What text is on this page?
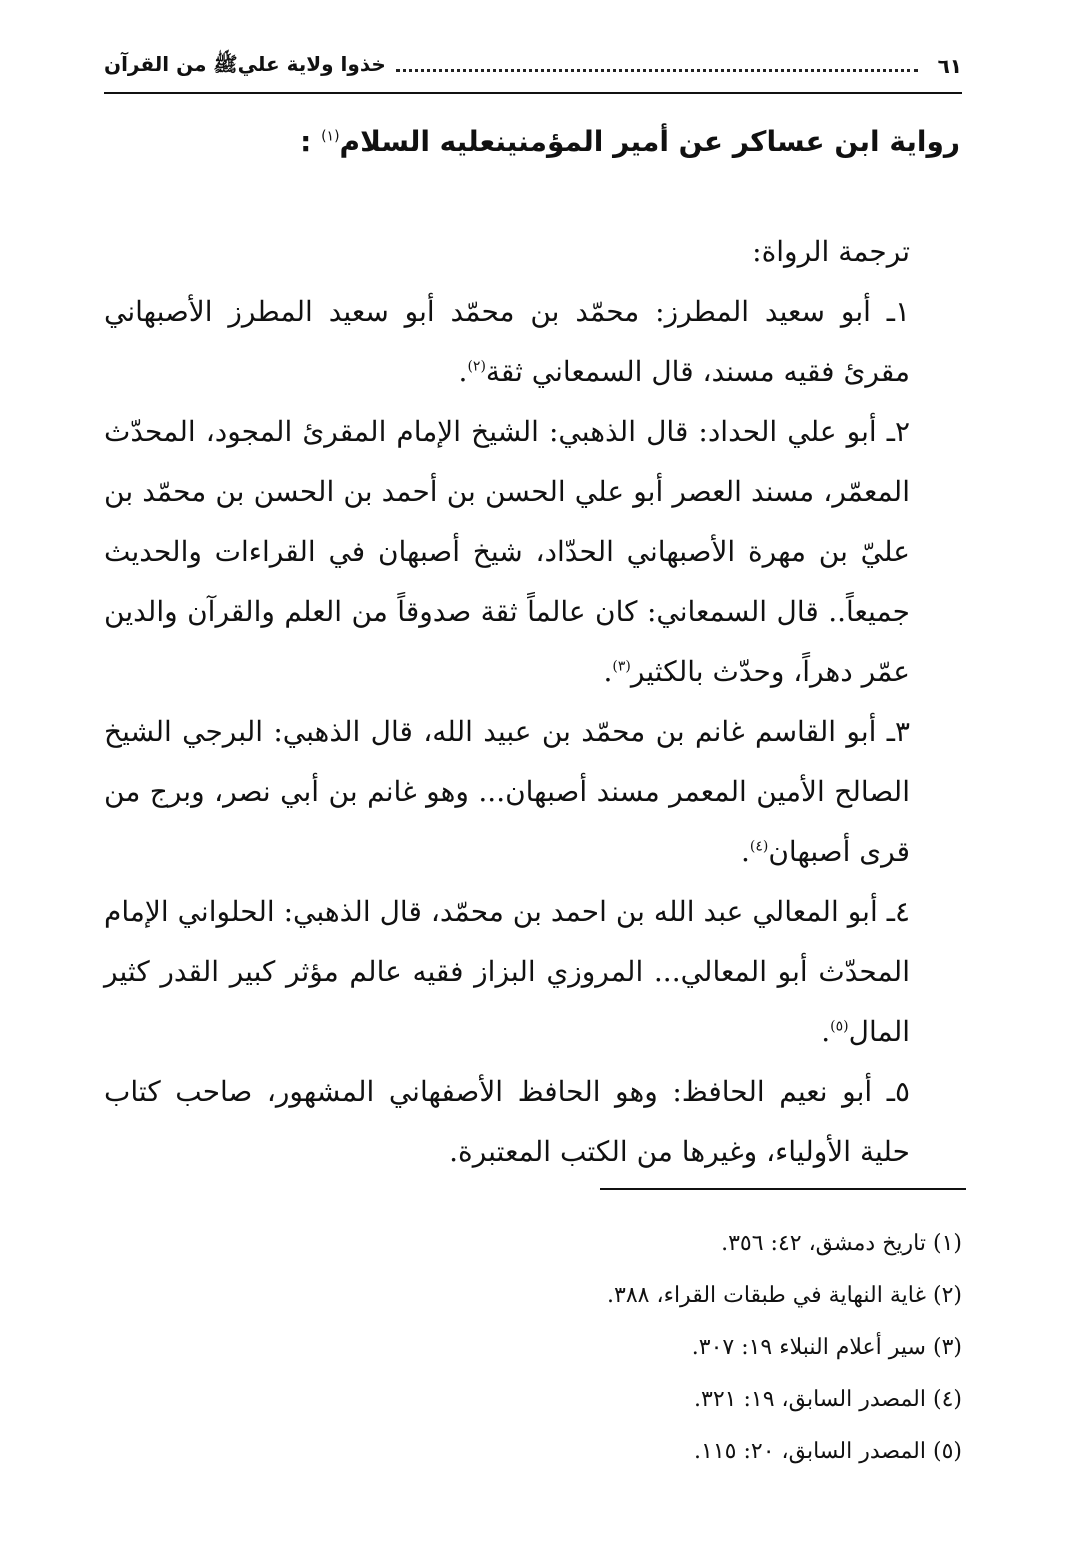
٦١
خذوا ولاية عليﷺ من القرآن
رواية ابن عساكر عن أمير المؤمنينعليه السلام$^{(١)}$ :

ترجمة الرواة:

١ـ أبو سعيد المطرز: محمّد بن محمّد أبو سعيد المطرز الأصبهاني مقرئ فقيه مسند، قال السمعاني ثقة$^{(٢)}$.

٢ـ أبو علي الحداد: قال الذهبي: الشيخ الإمام المقرئ المجود، المحدّث المعمّر، مسند العصر أبو علي الحسن بن أحمد بن الحسن بن محمّد بن عليّ بن مهرة الأصبهاني الحدّاد، شيخ أصبهان في القراءات والحديث جميعاً.. قال السمعاني: كان عالماً ثقة صدوقاً من العلم والقرآن والدين عمّر دهراً، وحدّث بالكثير$^{(٣)}$.

٣ـ أبو القاسم غانم بن محمّد بن عبيد الله، قال الذهبي: البرجي الشيخ الصالح الأمين المعمر مسند أصبهان... وهو غانم بن أبي نصر، وبرج من قرى أصبهان$^{(٤)}$.

٤ـ أبو المعالي عبد الله بن احمد بن محمّد، قال الذهبي: الحلواني الإمام المحدّث أبو المعالي... المروزي البزاز فقيه عالم مؤثر كبير القدر كثير المال$^{(٥)}$.

٥ـ أبو نعيم الحافظ: وهو الحافظ الأصفهاني المشهور، صاحب كتاب حلية الأولياء، وغيرها من الكتب المعتبرة.

(١) تاريخ دمشق، ٤٢: ٣٥٦.
(٢) غاية النهاية في طبقات القراء، ٣٨٨.
(٣) سير أعلام النبلاء ١٩: ٣٠٧.
(٤) المصدر السابق، ١٩: ٣٢١.
(٥) المصدر السابق، ٢٠: ١١٥.
